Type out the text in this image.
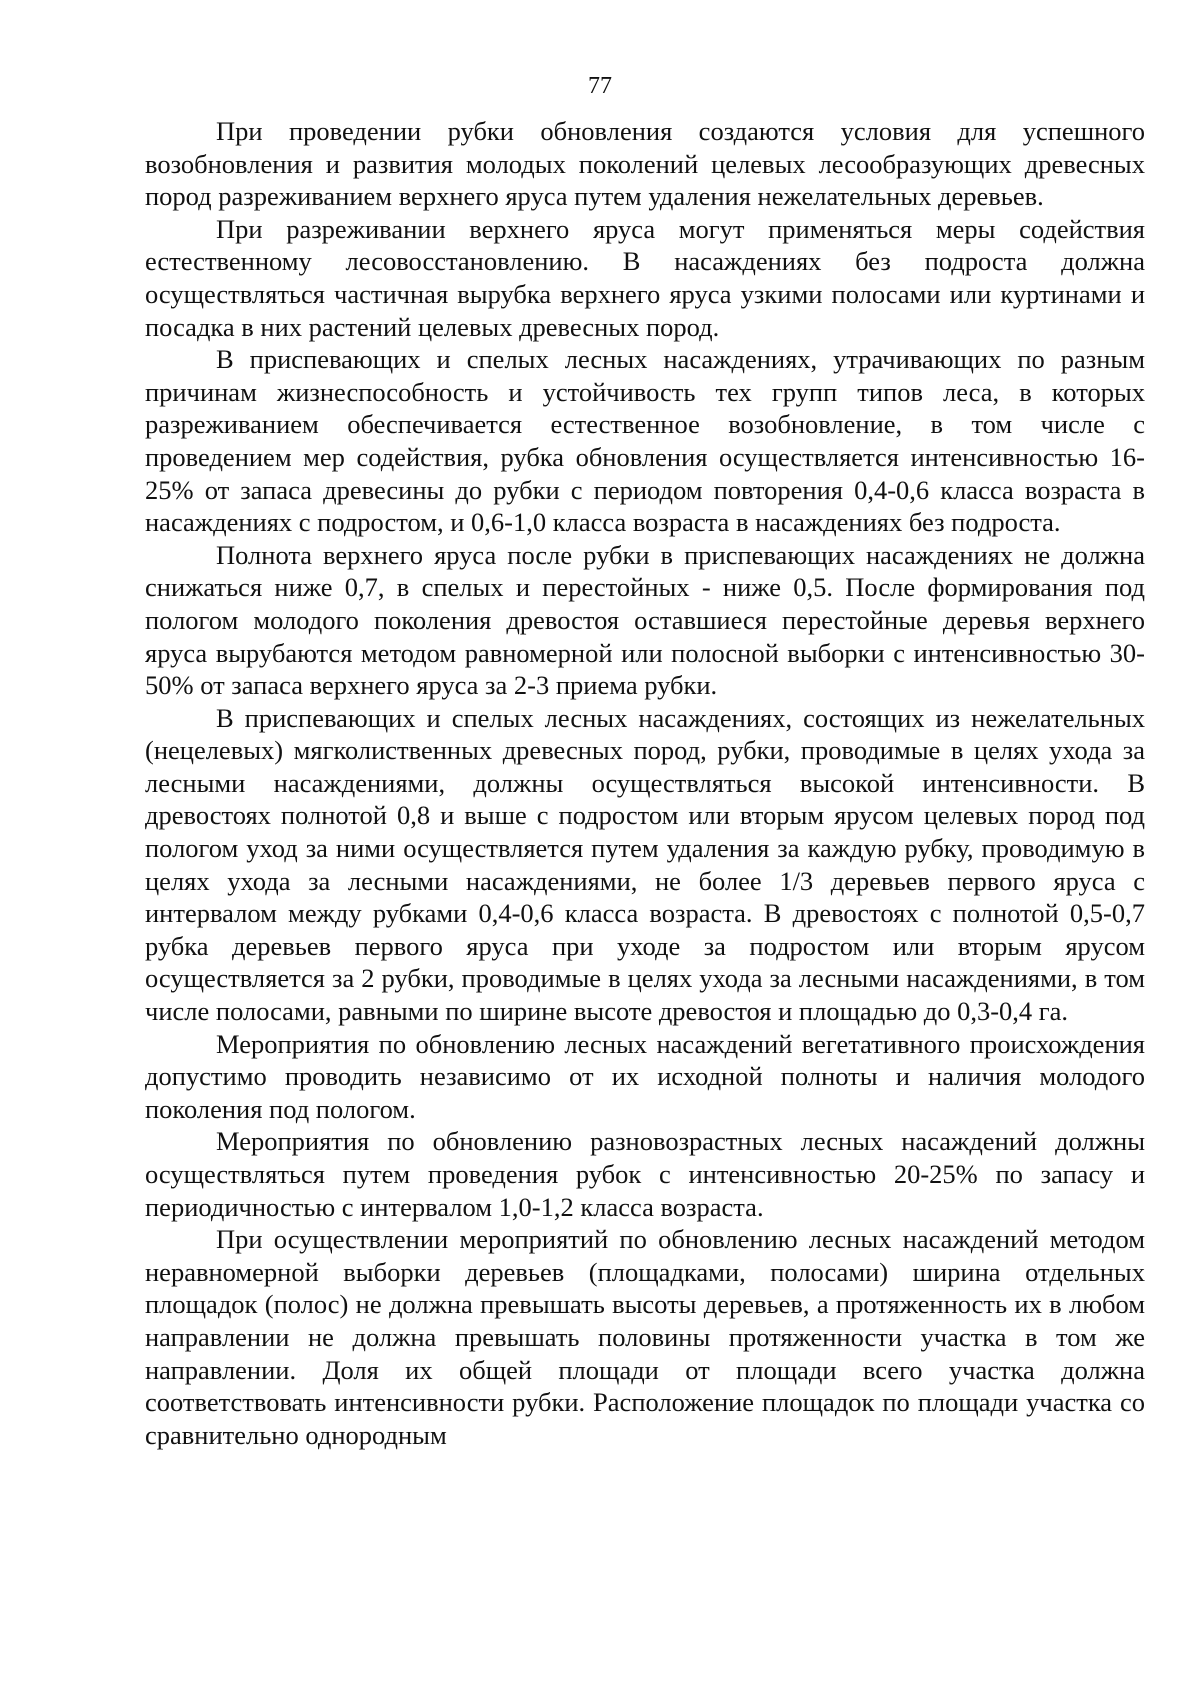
77

При проведении рубки обновления создаются условия для успешного возобновления и развития молодых поколений целевых лесообразующих древесных пород разреживанием верхнего яруса путем удаления нежелательных деревьев.

При разреживании верхнего яруса могут применяться меры содействия естественному лесовосстановлению. В насаждениях без подроста должна осуществляться частичная вырубка верхнего яруса узкими полосами или куртинами и посадка в них растений целевых древесных пород.

В приспевающих и спелых лесных насаждениях, утрачивающих по разным причинам жизнеспособность и устойчивость тех групп типов леса, в которых разреживанием обеспечивается естественное возобновление, в том числе с проведением мер содействия, рубка обновления осуществляется интенсивностью 16-25% от запаса древесины до рубки с периодом повторения 0,4-0,6 класса возраста в насаждениях с подростом, и 0,6-1,0 класса возраста в насаждениях без подроста.

Полнота верхнего яруса после рубки в приспевающих насаждениях не должна снижаться ниже 0,7, в спелых и перестойных - ниже 0,5. После формирования под пологом молодого поколения древостоя оставшиеся перестойные деревья верхнего яруса вырубаются методом равномерной или полосной выборки с интенсивностью 30-50% от запаса верхнего яруса за 2-3 приема рубки.

В приспевающих и спелых лесных насаждениях, состоящих из нежелательных (нецелевых) мягколиственных древесных пород, рубки, проводимые в целях ухода за лесными насаждениями, должны осуществляться высокой интенсивности. В древостоях полнотой 0,8 и выше с подростом или вторым ярусом целевых пород под пологом уход за ними осуществляется путем удаления за каждую рубку, проводимую в целях ухода за лесными насаждениями, не более 1/3 деревьев первого яруса с интервалом между рубками 0,4-0,6 класса возраста. В древостоях с полнотой 0,5-0,7 рубка деревьев первого яруса при уходе за подростом или вторым ярусом осуществляется за 2 рубки, проводимые в целях ухода за лесными насаждениями, в том числе полосами, равными по ширине высоте древостоя и площадью до 0,3-0,4 га.

Мероприятия по обновлению лесных насаждений вегетативного происхождения допустимо проводить независимо от их исходной полноты и наличия молодого поколения под пологом.

Мероприятия по обновлению разновозрастных лесных насаждений должны осуществляться путем проведения рубок с интенсивностью 20-25% по запасу и периодичностью с интервалом 1,0-1,2 класса возраста.

При осуществлении мероприятий по обновлению лесных насаждений методом неравномерной выборки деревьев (площадками, полосами) ширина отдельных площадок (полос) не должна превышать высоты деревьев, а протяженность их в любом направлении не должна превышать половины протяженности участка в том же направлении. Доля их общей площади от площади всего участка должна соответствовать интенсивности рубки. Расположение площадок по площади участка со сравнительно однородным
